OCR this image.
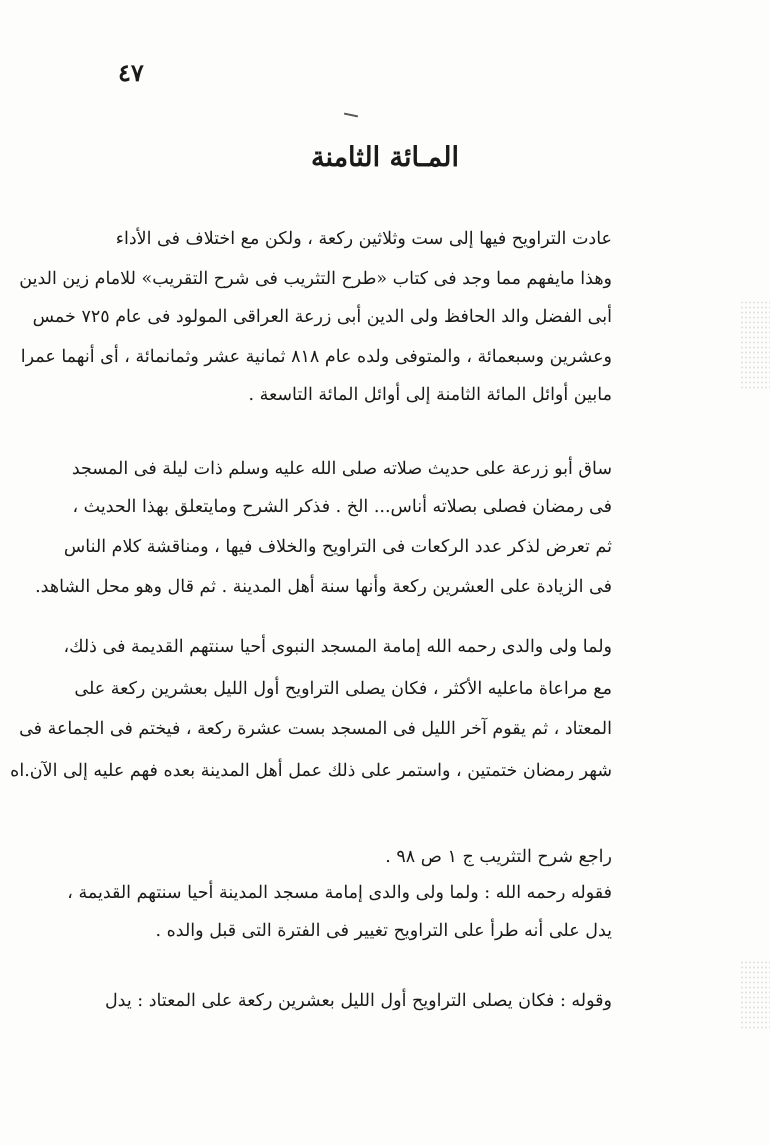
٤٧
المـائة الثامنة
عادت التراويح فيها إلى ست وثلاثين ركعة ، ولكن مع اختلاف فى الأداء
وهذا مايفهم مما وجد فى كتاب «طرح التثريب فى شرح التقريب» للامام زين الدين
أبى الفضل والد الحافظ ولى الدين أبى زرعة العراقى المولود فى عام ٧٢٥ خمس
وعشرين وسبعمائة ، والمتوفى ولده عام ٨١٨ ثمانية عشر وثمانمائة ، أى أنهما عمرا
مابين أوائل المائة الثامنة إلى أوائل المائة التاسعة .
ساق أبو زرعة على حديث صلاته صلى الله عليه وسلم ذات ليلة فى المسجد
فى رمضان فصلى بصلاته أناس... الخ . فذكر الشرح ومايتعلق بهذا الحديث ،
ثم تعرض لذكر عدد الركعات فى التراويح والخلاف فيها ، ومناقشة كلام الناس
فى الزيادة على العشرين ركعة وأنها سنة أهل المدينة . ثم قال وهو محل الشاهد.
ولما ولى والدى رحمه الله إمامة المسجد النبوى أحيا سنتهم القديمة فى ذلك،
مع مراعاة ماعليه الأكثر ، فكان يصلى التراويح أول الليل بعشرين ركعة على
المعتاد ، ثم يقوم آخر الليل فى المسجد بست عشرة ركعة ، فيختم فى الجماعة فى
شهر رمضان ختمتين ، واستمر على ذلك عمل أهل المدينة بعده فهم عليه إلى الآن.اه
راجع شرح التثريب ج ١ ص ٩٨ .
فقوله رحمه الله : ولما ولى والدى إمامة مسجد المدينة أحيا سنتهم القديمة ،
يدل على أنه طرأ على التراويح تغيير فى الفترة التى قبل والده .
وقوله : فكان يصلى التراويح أول الليل بعشرين ركعة على المعتاد : يدل
